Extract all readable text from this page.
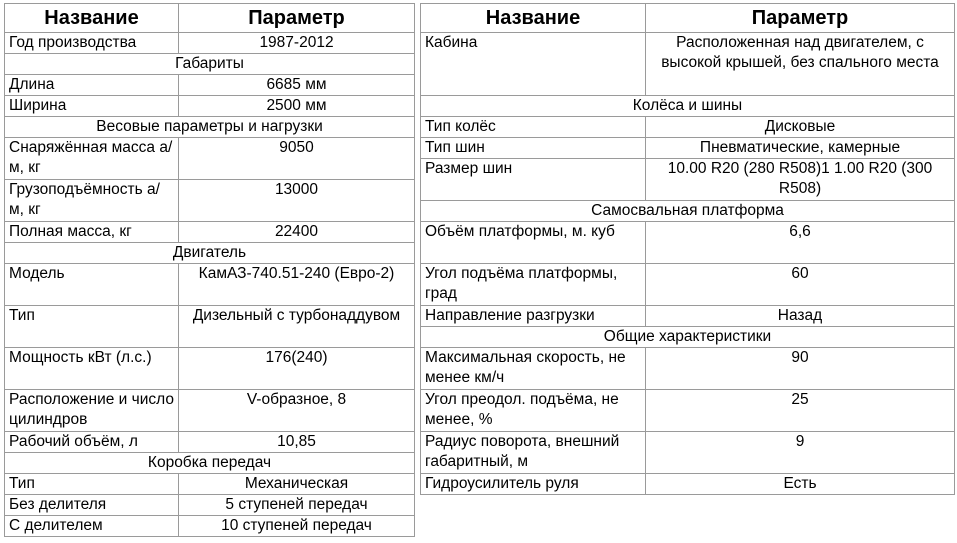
Название	Параметр
Год производства	1987-2012
Габариты	
Длина	6685 мм
Ширина	2500 мм
Весовые параметры и нагрузки	
Снаряжённая масса а/м, кг	9050
Грузоподъёмность а/м, кг	13000
Полная масса, кг	22400
Двигатель	
Модель	КамАЗ-740.51-240 (Евро-2)
Тип	Дизельный с турбонаддувом
Мощность кВт (л.с.)	176(240)
Расположение и число цилиндров	V-образное, 8
Рабочий объём, л	10,85
Коробка передач	
Тип	Механическая
Без делителя	5 ступеней передач
С делителем	10 ступеней передач
Название	Параметр
Кабина	Расположенная над двигателем, с высокой крышей, без спального места
Колёса и шины	
Тип колёс	Дисковые
Тип шин	Пневматические, камерные
Размер шин	10.00 R20 (280 R508)1 1.00 R20 (300 R508)
Самосвальная платформа	
Объём платформы, м. куб	6,6
Угол подъёма платформы, град	60
Направление разгрузки	Назад
Общие характеристики	
Максимальная скорость, не менее км/ч	90
Угол преодол. подъёма, не менее, %	25
Радиус поворота, внешний габаритный, м	9
Гидроусилитель руля	Есть
